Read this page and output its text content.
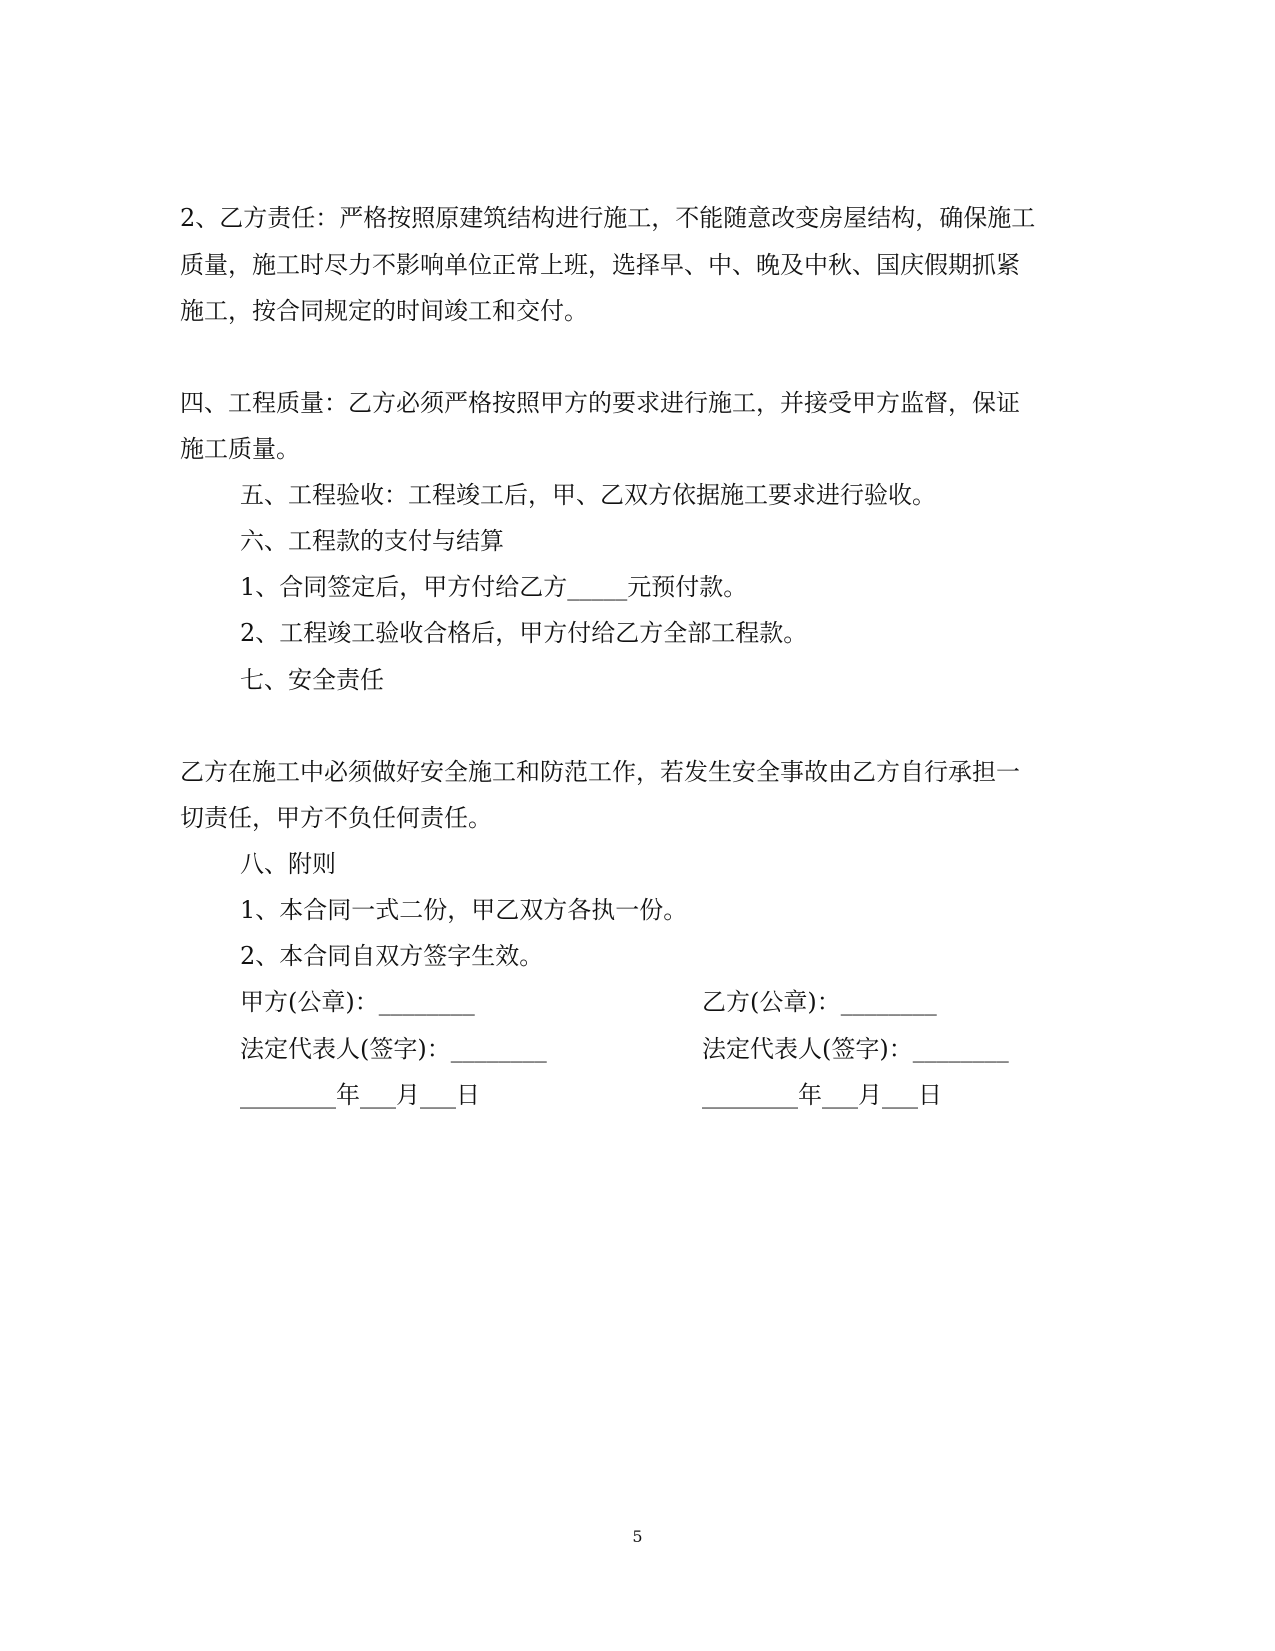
2、乙方责任：严格按照原建筑结构进行施工，不能随意改变房屋结构，确保施工
质量，施工时尽力不影响单位正常上班，选择早、中、晚及中秋、国庆假期抓紧
施工，按合同规定的时间竣工和交付。
四、工程质量：乙方必须严格按照甲方的要求进行施工，并接受甲方监督，保证
施工质量。
五、工程验收：工程竣工后，甲、乙双方依据施工要求进行验收。
六、工程款的支付与结算
1、合同签定后，甲方付给乙方_____元预付款。
2、工程竣工验收合格后，甲方付给乙方全部工程款。
七、安全责任
乙方在施工中必须做好安全施工和防范工作，若发生安全事故由乙方自行承担一
切责任，甲方不负任何责任。
八、附则
1、本合同一式二份，甲乙双方各执一份。
2、本合同自双方签字生效。
甲方(公章)：________	乙方(公章)：________
法定代表人(签字)：________	法定代表人(签字)：________
________年___月___日	________年___月___日
5
